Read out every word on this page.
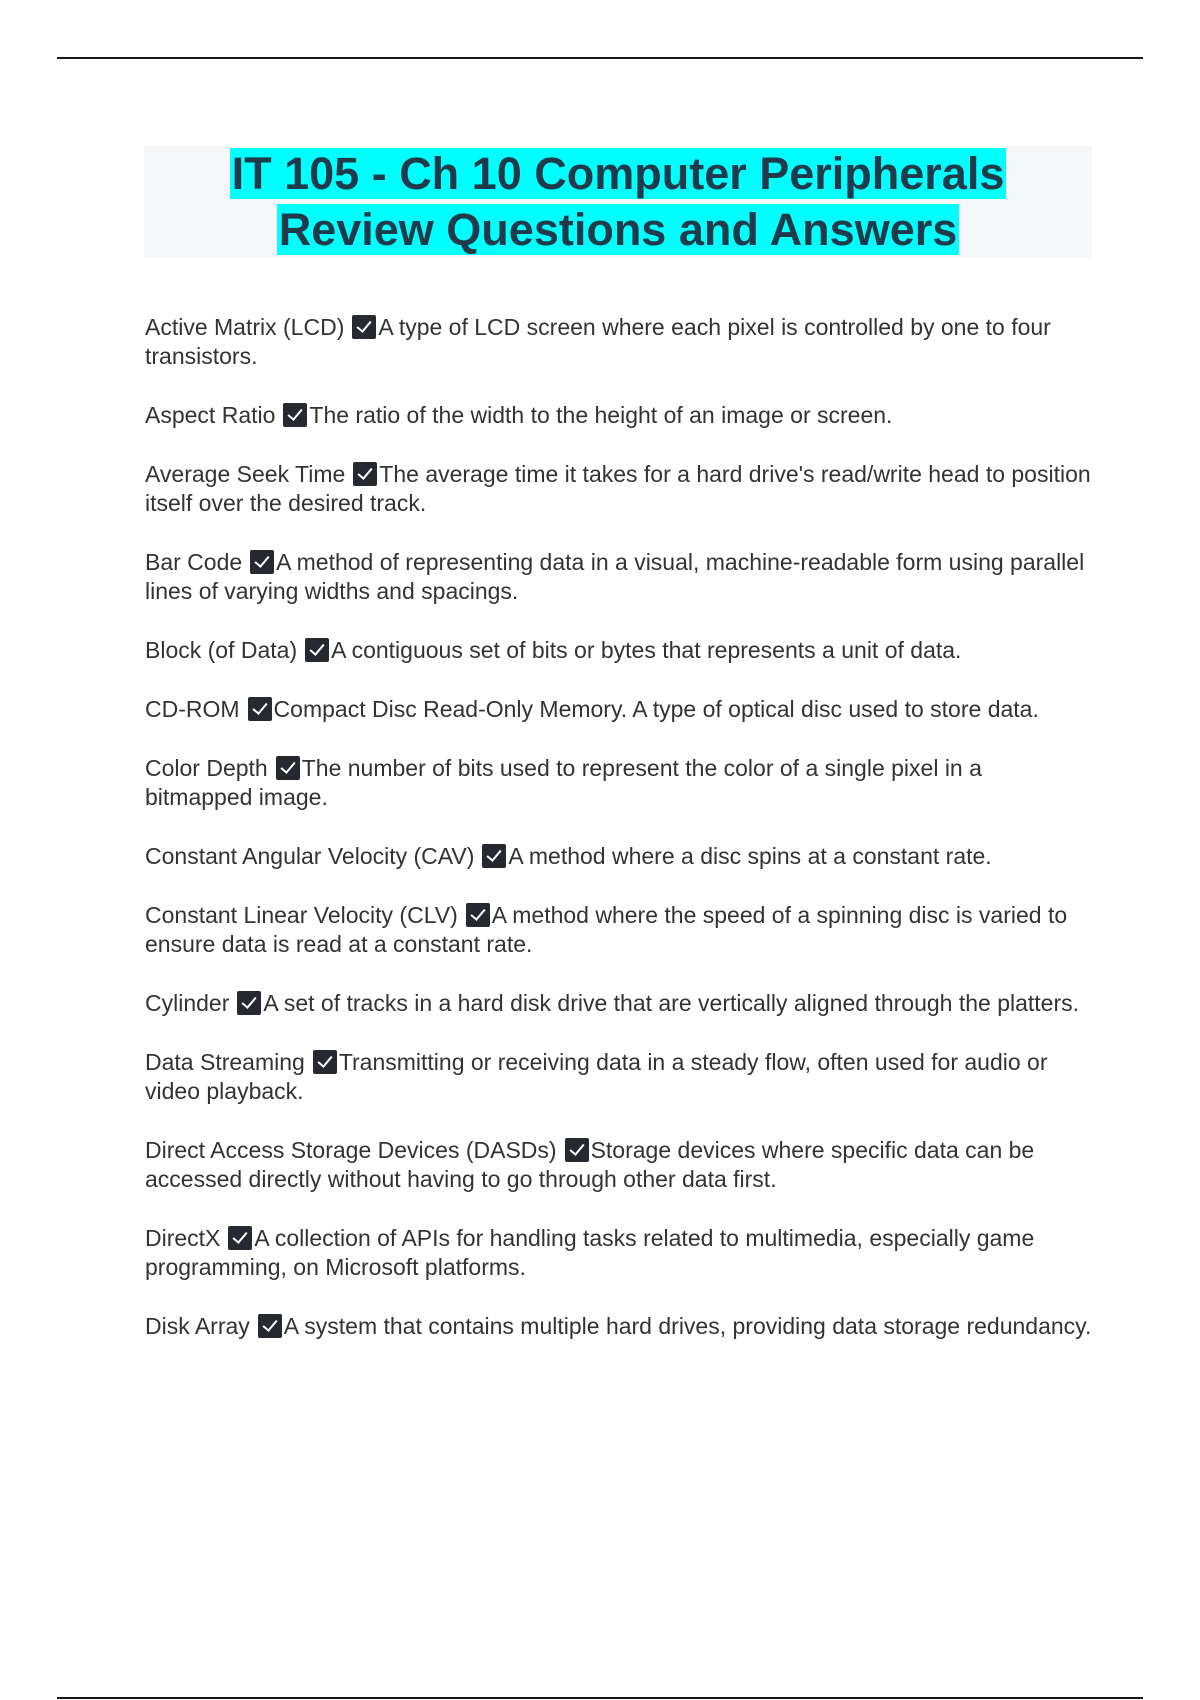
IT 105 - Ch 10 Computer Peripherals
Review Questions and Answers
Active Matrix (LCD) A type of LCD screen where each pixel is controlled by one to four transistors.
Aspect Ratio The ratio of the width to the height of an image or screen.
Average Seek Time The average time it takes for a hard drive's read/write head to position itself over the desired track.
Bar Code A method of representing data in a visual, machine-readable form using parallel lines of varying widths and spacings.
Block (of Data) A contiguous set of bits or bytes that represents a unit of data.
CD-ROM Compact Disc Read-Only Memory. A type of optical disc used to store data.
Color Depth The number of bits used to represent the color of a single pixel in a bitmapped image.
Constant Angular Velocity (CAV) A method where a disc spins at a constant rate.
Constant Linear Velocity (CLV) A method where the speed of a spinning disc is varied to ensure data is read at a constant rate.
Cylinder A set of tracks in a hard disk drive that are vertically aligned through the platters.
Data Streaming Transmitting or receiving data in a steady flow, often used for audio or video playback.
Direct Access Storage Devices (DASDs) Storage devices where specific data can be accessed directly without having to go through other data first.
DirectX A collection of APIs for handling tasks related to multimedia, especially game programming, on Microsoft platforms.
Disk Array A system that contains multiple hard drives, providing data storage redundancy.
